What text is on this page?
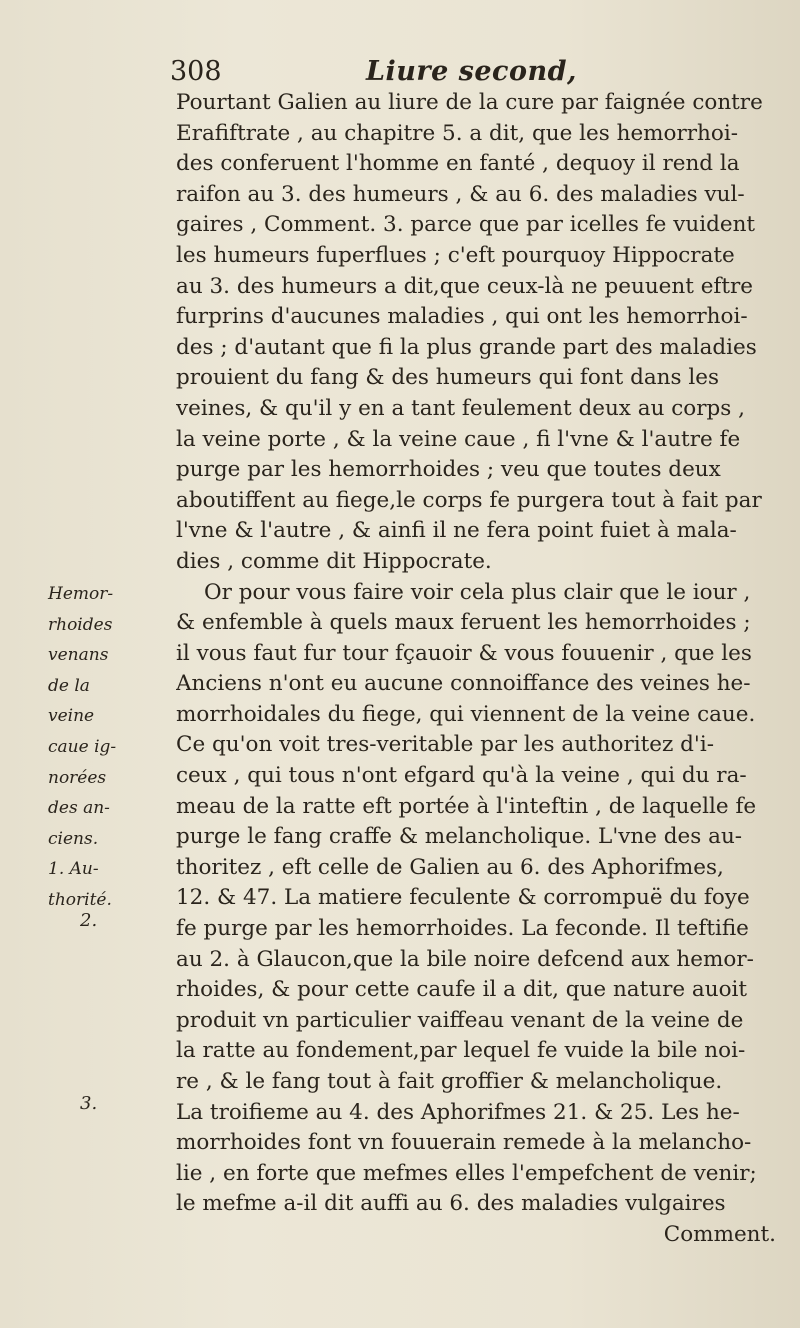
308	Liure second,
Hemor-
rhoides
venans
de la
veine
caue ig-
norées
des an-
ciens.
1. Au-
thorité.
2.
3.
Pourtant Galien au liure de la cure par faignée contre
Erafiftrate , au chapitre 5. a dit, que les hemorrhoi-
des conferuent l'homme en fanté , dequoy il rend la
raifon au 3. des humeurs , & au 6. des maladies vul-
gaires , Comment. 3. parce que par icelles fe vuident
les humeurs fuperflues ; c'eft pourquoy Hippocrate
au 3. des humeurs a dit,que ceux-là ne peuuent eftre
furprins d'aucunes maladies , qui ont les hemorrhoi-
des ; d'autant que fi la plus grande part des maladies
prouient du fang & des humeurs qui font dans les
veines, & qu'il y en a tant feulement deux au corps ,
la veine porte , & la veine caue , fi l'vne & l'autre fe
purge par les hemorrhoides ; veu que toutes deux
aboutiffent au fiege,le corps fe purgera tout à fait par
l'vne & l'autre , & ainfi il ne fera point fuiet à mala-
dies , comme dit Hippocrate.
Or pour vous faire voir cela plus clair que le iour ,
& enfemble à quels maux feruent les hemorrhoides ;
il vous faut fur tour fçauoir & vous fouuenir , que les
Anciens n'ont eu aucune connoiffance des veines he-
morrhoidales du fiege, qui viennent de la veine caue.
Ce qu'on voit tres-veritable par les authoritez d'i-
ceux , qui tous n'ont efgard qu'à la veine , qui du ra-
meau de la ratte eft portée à l'inteftin , de laquelle fe
purge le fang craffe & melancholique. L'vne des au-
thoritez , eft celle de Galien au 6. des Aphorifmes,
12. & 47. La matiere feculente & corrompuë du foye
fe purge par les hemorrhoides. La feconde. Il teftifie
au 2. à Glaucon,que la bile noire defcend aux hemor-
rhoides, & pour cette caufe il a dit, que nature auoit
produit vn particulier vaiffeau venant de la veine de
la ratte au fondement,par lequel fe vuide la bile noi-
re , & le fang tout à fait groffier & melancholique.
La troifieme au 4. des Aphorifmes 21. & 25. Les he-
morrhoides font vn fouuerain remede à la melancho-
lie , en forte que mefmes elles l'empefchent de venir;
le mefme a-il dit auffi au 6. des maladies vulgaires
Comment.
